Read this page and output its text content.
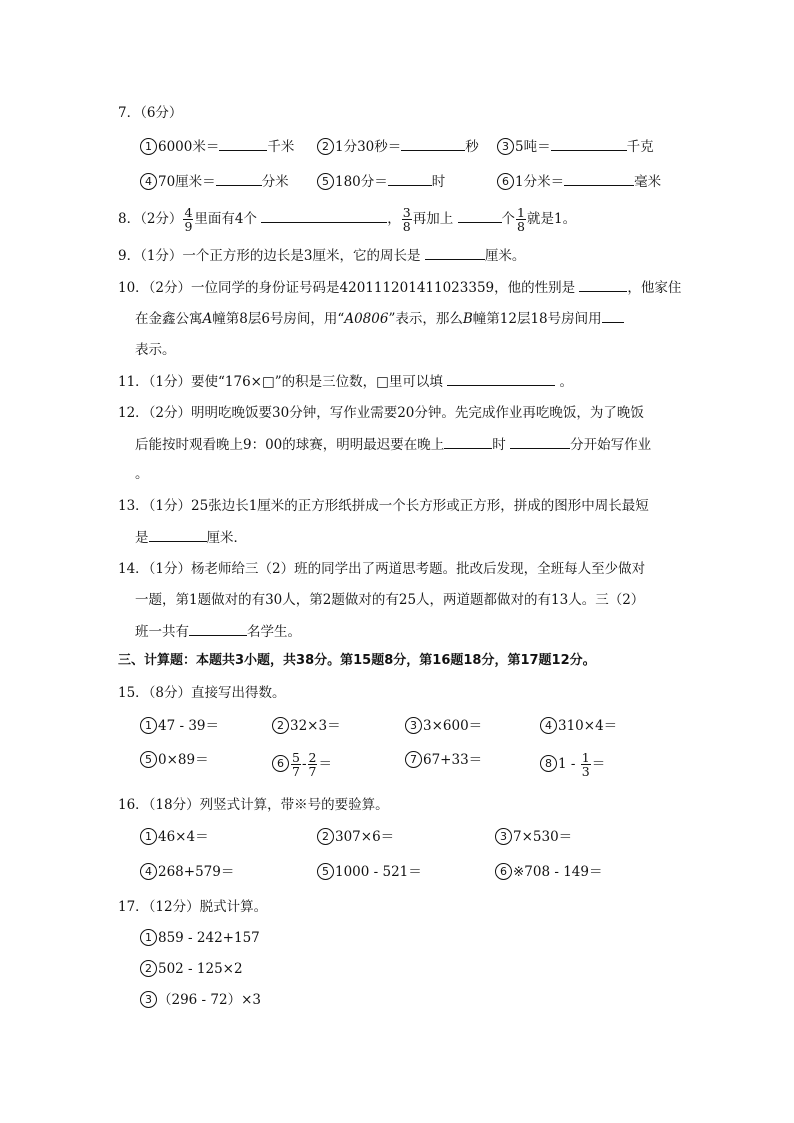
7．（6分）
1 6000米＝	千米	2 1分30秒＝	秒	3 5吨＝	千克
4 70厘米＝	分米	5 180分＝	时	6 1分米＝	毫米
8．（2分） $\frac{4}{9}$ 里面有4个	， $\frac{3}{8}$ 再加上	个 $\frac{1}{8}$ 就是1。
9．（1分）一个正方形的边长是3厘米，它的周长是	厘米。
10．（2分）一位同学的身份证号码是420111201411023359，他的性别是	，他家住
在金鑫公寓A幢第8层6号房间，用“A0806”表示，那么B幢第12层18号房间用
表示。
11．（1分）要使“176×□”的积是三位数，□里可以填	。
12．（2分）明明吃晚饭要30分钟，写作业需要20分钟。先完成作业再吃晚饭，为了晚饭
后能按时观看晚上9：00的球赛，明明最迟要在晚上	时	分开始写作业
。
13．（1分）25张边长1厘米的正方形纸拼成一个长方形或正方形，拼成的图形中周长最短
是	厘米．
14．（1分）杨老师给三（2）班的同学出了两道思考题。批改后发现，全班每人至少做对
一题，第1题做对的有30人，第2题做对的有25人，两道题都做对的有13人。三（2）
班一共有	名学生。
三、计算题：本题共3小题，共38分。第15题8分，第16题18分，第17题12分。
15．（8分）直接写出得数。
1 47 - 39＝	2 32×3＝	3 3×600＝	4 310×4＝
5 0×89＝	$6 \frac{5}{7} - \frac{2}{7}$ ＝	7 67+33＝	8 $1 - \frac{1}{3}$ ＝
16．（18分）列竖式计算，带※号的要验算。
1 46×4＝	2 307×6＝	3 7×530＝
4 268+579＝	5 1000 - 521＝	6 ※708 - 149＝
17．（12分）脱式计算。
1 859 - 242+157
2 502 - 125×2
3 （296 - 72）×3
